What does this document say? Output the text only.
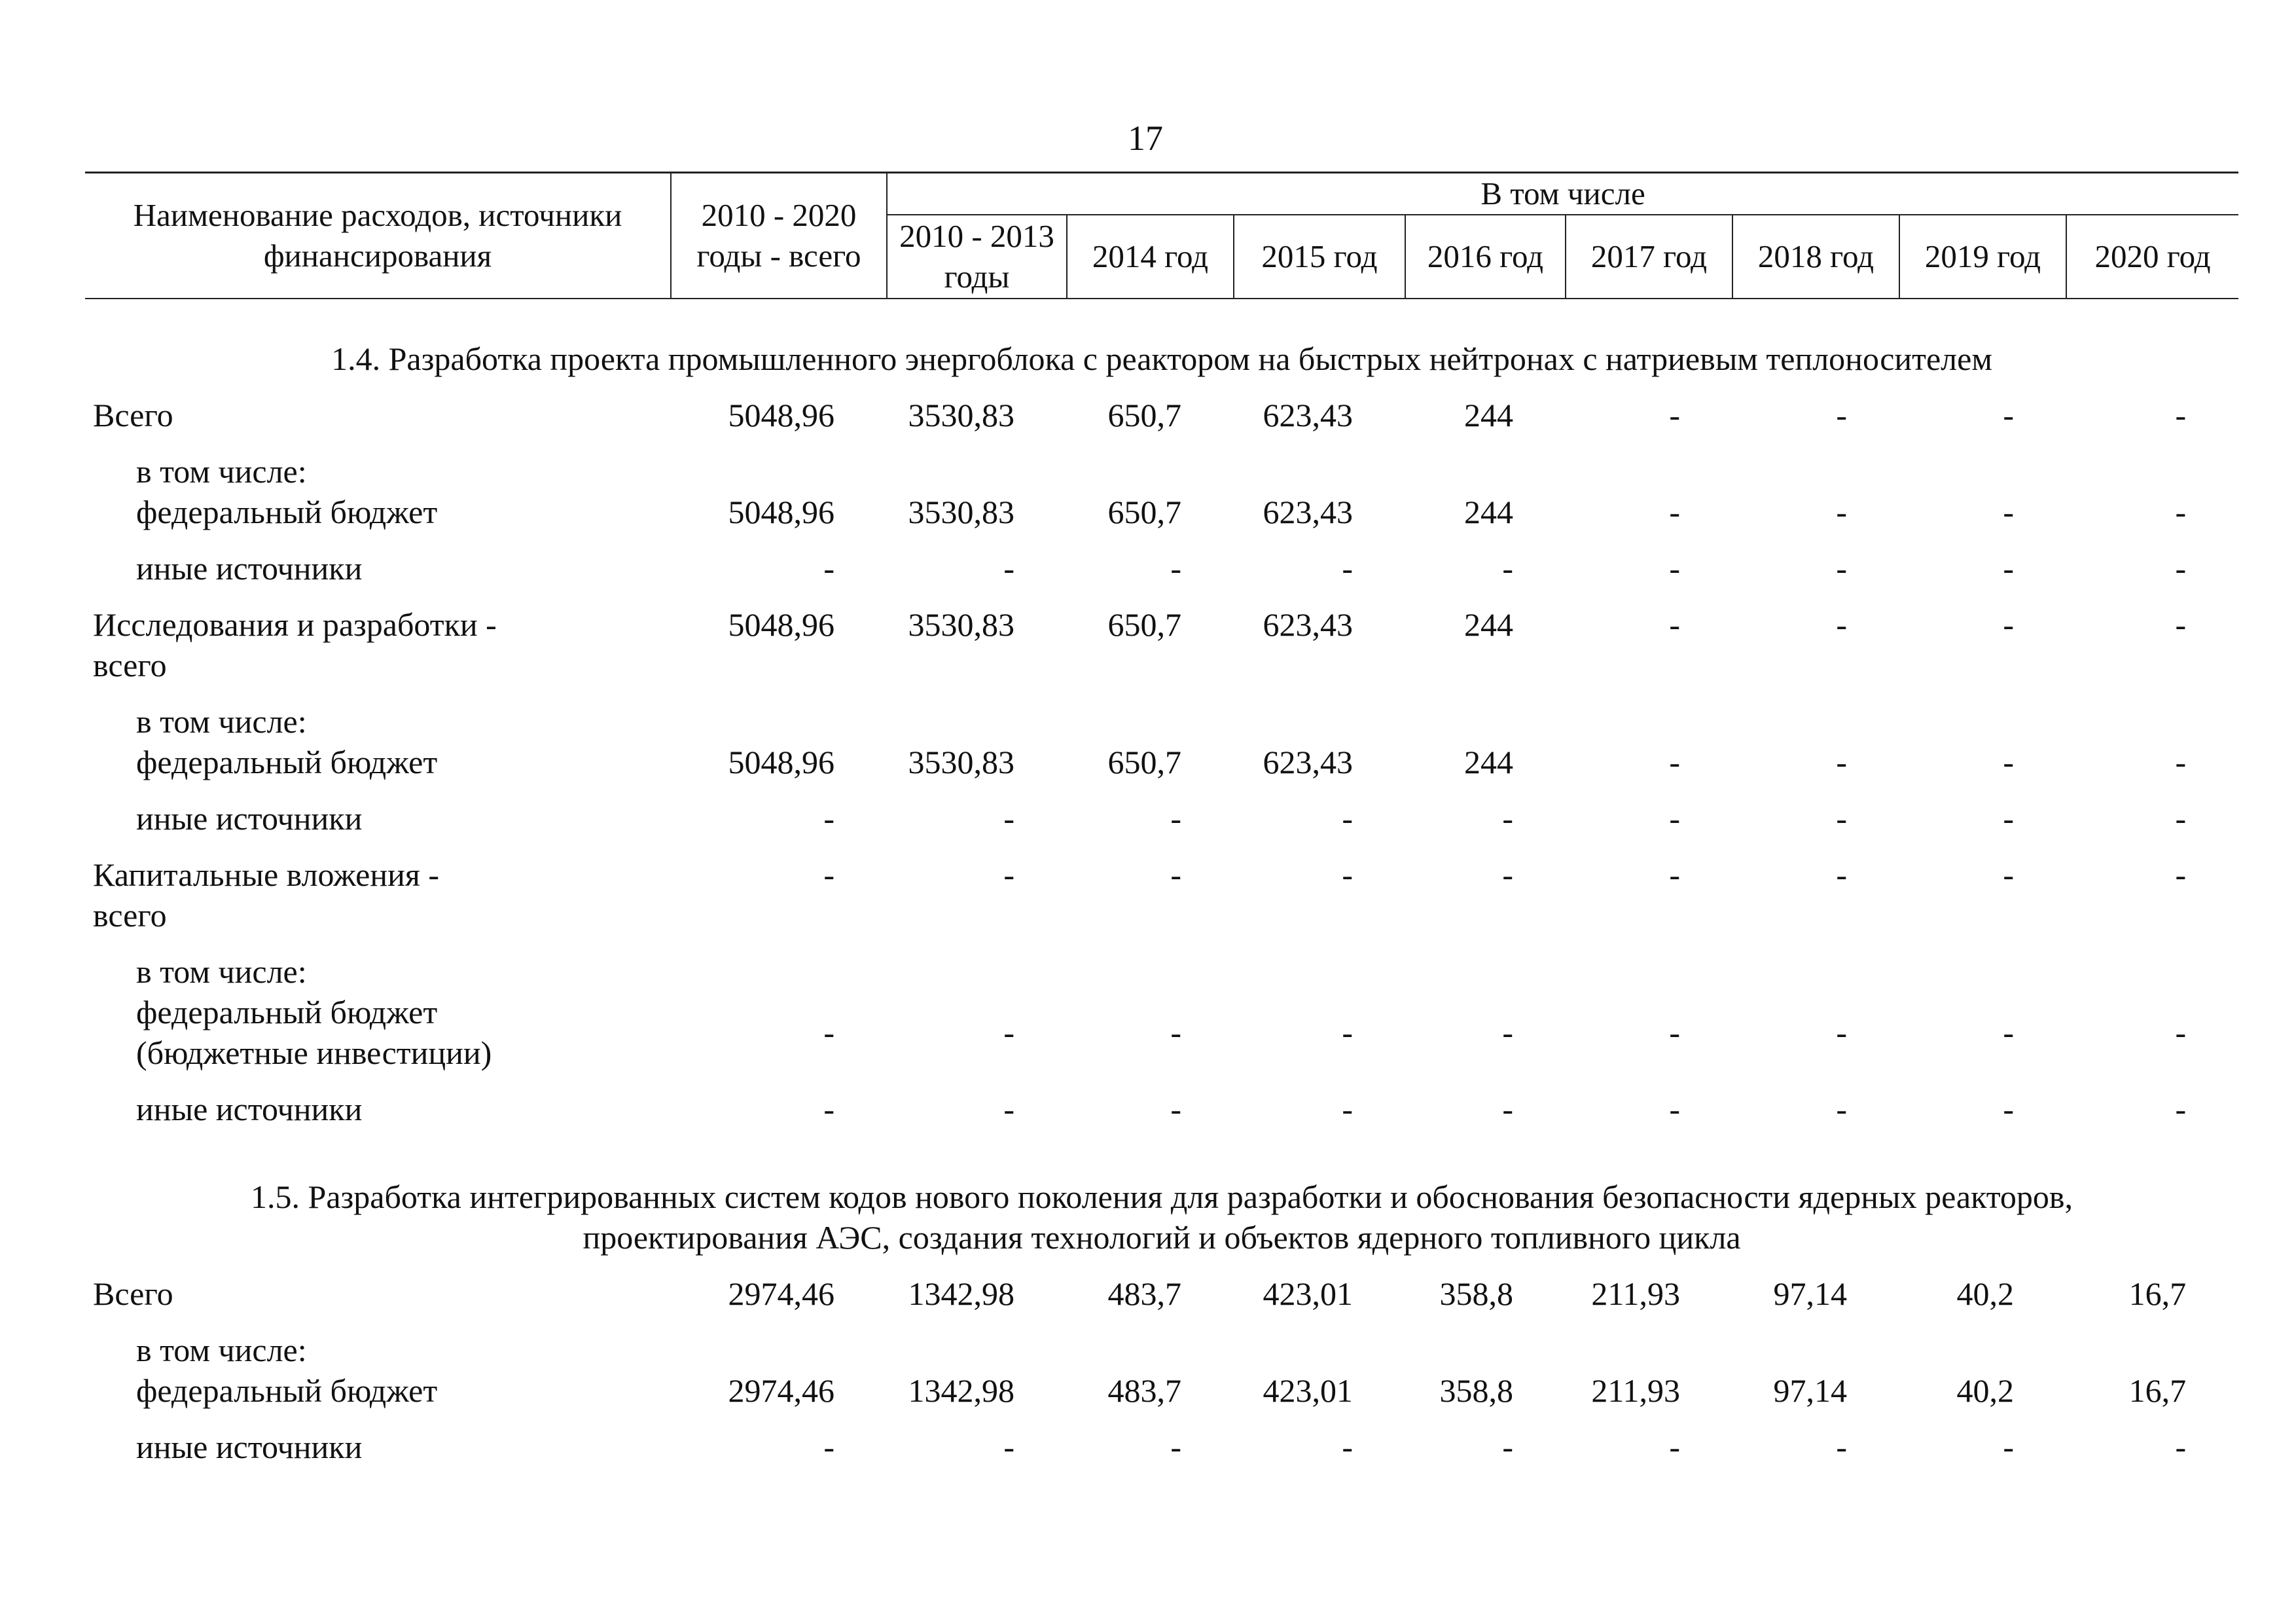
17
Наименование расходов, источники финансирования	2010 - 2020 годы - всего	В том числе							
		2010 - 2013 годы	2014 год	2015 год	2016 год	2017 год	2018 год	2019 год	2020 год

1.4. Разработка проекта промышленного энергоблока с реактором на быстрых нейтронах с натриевым теплоносителем									

Всего	5048,96	3530,83	650,7	623,43	244	-	-	-	-

в том числе:
федеральный бюджет	5048,96	3530,83	650,7	623,43	244	-	-	-	-

иные источники	-	-	-	-	-	-	-	-	-

Исследования и разработки -
всего	5048,96	3530,83	650,7	623,43	244	-	-	-	-

в том числе:
федеральный бюджет	5048,96	3530,83	650,7	623,43	244	-	-	-	-

иные источники	-	-	-	-	-	-	-	-	-

Капитальные вложения -
всего	-	-	-	-	-	-	-	-	-

в том числе:
федеральный бюджет
(бюджетные инвестиции)	-	-	-	-	-	-	-	-	-

иные источники	-	-	-	-	-	-	-	-	-

1.5. Разработка интегрированных систем кодов нового поколения для разработки и обоснования безопасности ядерных реакторов,
проектирования АЭС, создания технологий и объектов ядерного топливного цикла									

Всего	2974,46	1342,98	483,7	423,01	358,8	211,93	97,14	40,2	16,7

в том числе:
федеральный бюджет	2974,46	1342,98	483,7	423,01	358,8	211,93	97,14	40,2	16,7

иные источники	-	-	-	-	-	-	-	-	-
